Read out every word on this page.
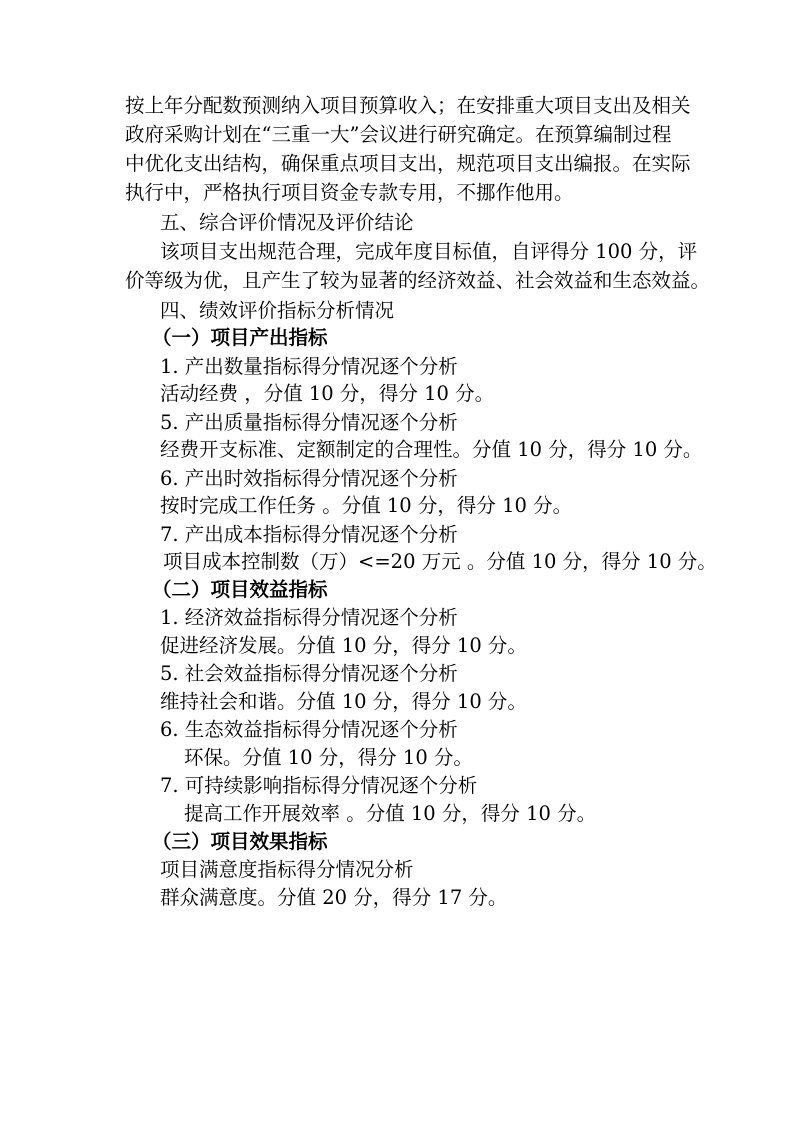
按上年分配数预测纳入项目预算收入；在安排重大项目支出及相关
政府采购计划在“三重一大”会议进行研究确定。在预算编制过程
中优化支出结构，确保重点项目支出，规范项目支出编报。在实际
执行中，严格执行项目资金专款专用，不挪作他用。
五、综合评价情况及评价结论
该项目支出规范合理，完成年度目标值，自评得分 100 分，评
价等级为优，且产生了较为显著的经济效益、社会效益和生态效益。
四、绩效评价指标分析情况
（一）项目产出指标
1. 产出数量指标得分情况逐个分析
活动经费 ，分值 10 分，得分 10 分。
5. 产出质量指标得分情况逐个分析
经费开支标准、定额制定的合理性。分值 10 分，得分 10 分。
6. 产出时效指标得分情况逐个分析
按时完成工作任务 。分值 10 分，得分 10 分。
7. 产出成本指标得分情况逐个分析
项目成本控制数（万）<=20 万元 。分值 10 分，得分 10 分。
（二）项目效益指标
1. 经济效益指标得分情况逐个分析
促进经济发展。分值 10 分，得分 10 分。
5. 社会效益指标得分情况逐个分析
维持社会和谐。分值 10 分，得分 10 分。
6. 生态效益指标得分情况逐个分析
环保。分值 10 分，得分 10 分。
7. 可持续影响指标得分情况逐个分析
提高工作开展效率 。分值 10 分，得分 10 分。
（三）项目效果指标
项目满意度指标得分情况分析
群众满意度。分值 20 分，得分 17 分。
